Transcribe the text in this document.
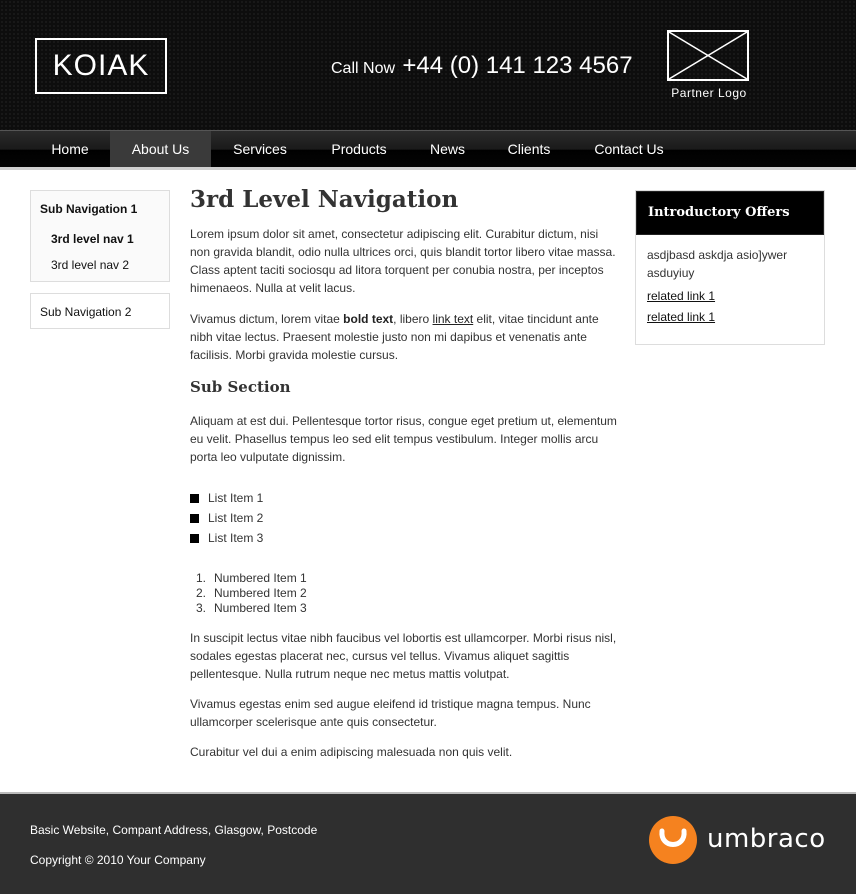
KOIAK	Call Now +44 (0) 141 123 4567
Partner Logo
Home	About Us	Services	Products	News	Clients	Contact Us
Sub Navigation 1
3rd level nav 1
3rd level nav 2
Sub Navigation 2
3rd Level Navigation

Lorem ipsum dolor sit amet, consectetur adipiscing elit. Curabitur dictum, nisi non gravida blandit, odio nulla ultrices orci, quis blandit tortor libero vitae massa. Class aptent taciti sociosqu ad litora torquent per conubia nostra, per inceptos himenaeos. Nulla at velit lacus.

Vivamus dictum, lorem vitae bold text, libero link text elit, vitae tincidunt ante nibh vitae lectus. Praesent molestie justo non mi dapibus et venenatis ante facilisis. Morbi gravida molestie cursus.

Sub Section

Aliquam at est dui. Pellentesque tortor risus, congue eget pretium ut, elementum eu velit. Phasellus tempus leo sed elit tempus vestibulum. Integer mollis arcu porta leo vulputate dignissim.

List Item 1
List Item 2
List Item 3
1. Numbered Item 1
2. Numbered Item 2
3. Numbered Item 3

In suscipit lectus vitae nibh faucibus vel lobortis est ullamcorper. Morbi risus nisl, sodales egestas placerat nec, cursus vel tellus. Vivamus aliquet sagittis pellentesque. Nulla rutrum neque nec metus mattis volutpat.

Vivamus egestas enim sed augue eleifend id tristique magna tempus. Nunc ullamcorper scelerisque ante quis consectetur.

Curabitur vel dui a enim adipiscing malesuada non quis velit.

Introductory Offers
asdjbasd askdja asio]ywer asduyiuy
related link 1
related link 1
Basic Website, Compant Address, Glasgow, Postcode
Copyright © 2010 Your Company
umbraco
